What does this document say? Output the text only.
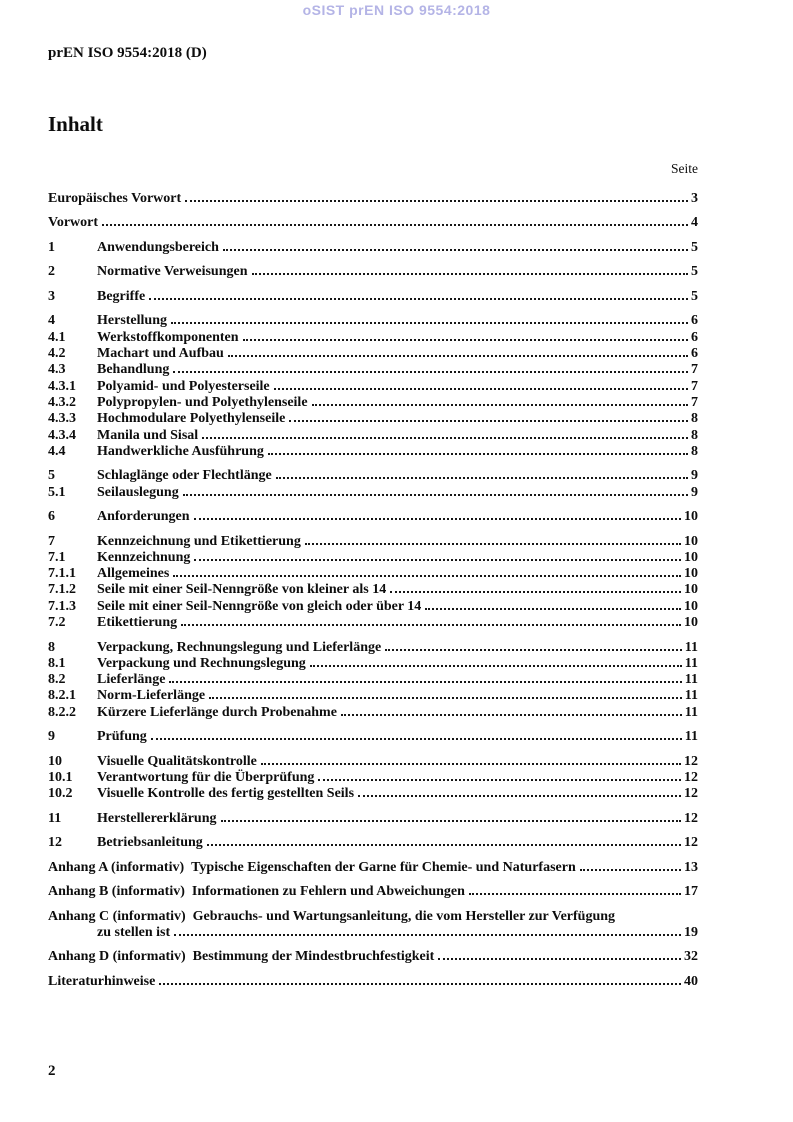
oSIST prEN ISO 9554:2018
prEN ISO 9554:2018 (D)
Inhalt
Seite
Europäisches Vorwort	3
Vorwort	4
1	Anwendungsbereich	5
2	Normative Verweisungen	5
3	Begriffe	5
4	Herstellung	6
4.1	Werkstoffkomponenten	6
4.2	Machart und Aufbau	6
4.3	Behandlung	7
4.3.1	Polyamid- und Polyesterseile	7
4.3.2	Polypropylen- und Polyethylenseile	7
4.3.3	Hochmodulare Polyethylenseile	8
4.3.4	Manila und Sisal	8
4.4	Handwerkliche Ausführung	8
5	Schlaglänge oder Flechtlänge	9
5.1	Seilauslegung	9
6	Anforderungen	10
7	Kennzeichnung und Etikettierung	10
7.1	Kennzeichnung	10
7.1.1	Allgemeines	10
7.1.2	Seile mit einer Seil-Nenngröße von kleiner als 14	10
7.1.3	Seile mit einer Seil-Nenngröße von gleich oder über 14	10
7.2	Etikettierung	10
8	Verpackung, Rechnungslegung und Lieferlänge	11
8.1	Verpackung und Rechnungslegung	11
8.2	Lieferlänge	11
8.2.1	Norm-Lieferlänge	11
8.2.2	Kürzere Lieferlänge durch Probenahme	11
9	Prüfung	11
10	Visuelle Qualitätskontrolle	12
10.1	Verantwortung für die Überprüfung	12
10.2	Visuelle Kontrolle des fertig gestellten Seils	12
11	Herstellererklärung	12
12	Betriebsanleitung	12
Anhang A (informativ) Typische Eigenschaften der Garne für Chemie- und Naturfasern	13
Anhang B (informativ) Informationen zu Fehlern und Abweichungen	17
Anhang C (informativ) Gebrauchs- und Wartungsanleitung, die vom Hersteller zur Verfügung
zu stellen ist	19
Anhang D (informativ) Bestimmung der Mindestbruchfestigkeit	32
Literaturhinweise	40
2
